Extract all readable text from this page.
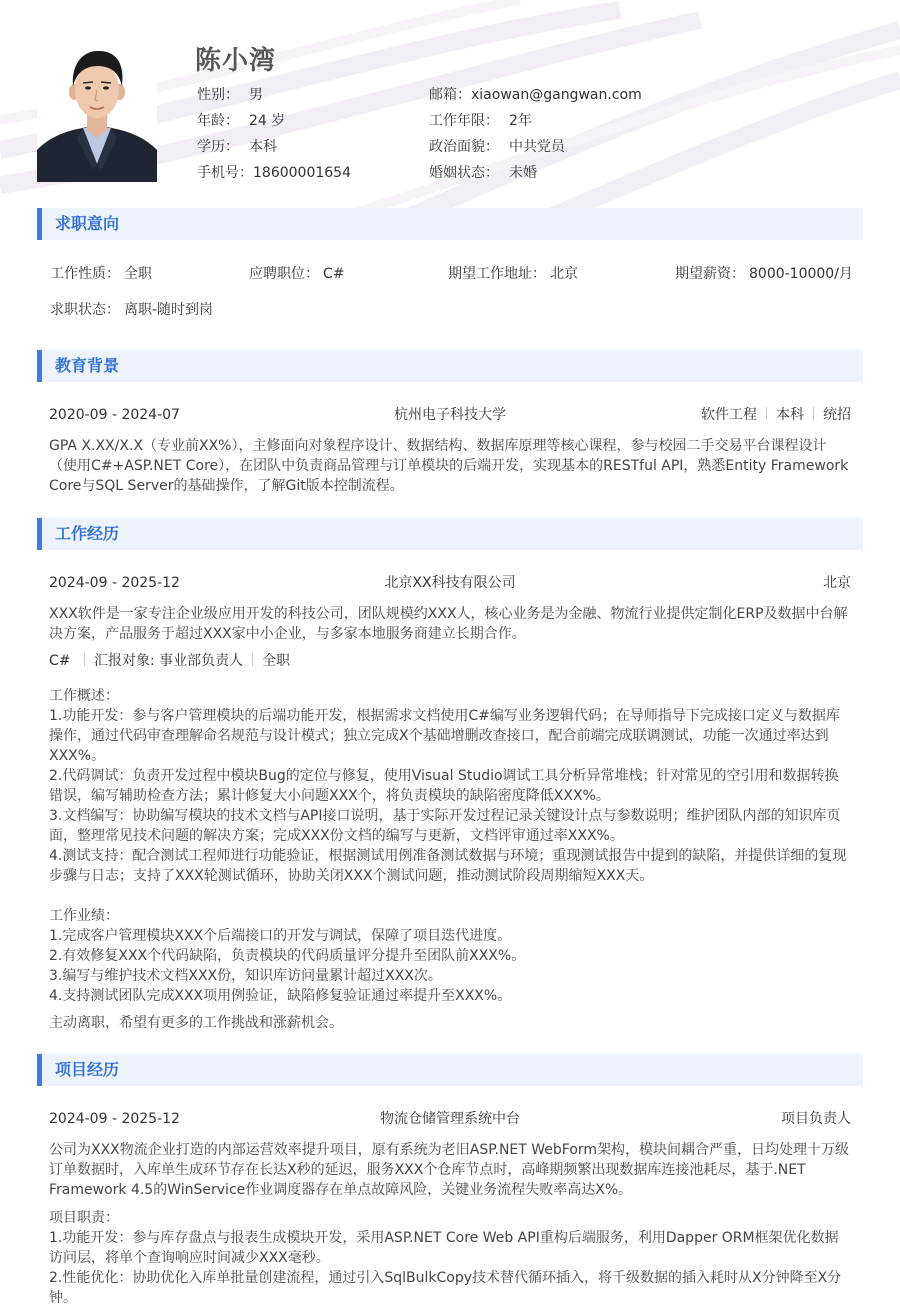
陈小湾
性别： 男
年龄： 24 岁
学历： 本科
手机号：18600001654
邮箱：xiaowan@gangwan.com
工作年限： 2年
政治面貌： 中共党员
婚姻状态： 未婚
求职意向
工作性质： 全职	应聘职位： C#	期望工作地址： 北京	期望薪资： 8000-10000/月
求职状态： 离职-随时到岗
教育背景
2020-09 - 2024-07	杭州电子科技大学	软件工程 本科 统招
GPA X.XX/X.X（专业前XX%），主修面向对象程序设计、数据结构、数据库原理等核心课程，参与校园二手交易平台课程设计（使用C#+ASP.NET Core），在团队中负责商品管理与订单模块的后端开发，实现基本的RESTful API，熟悉Entity Framework Core与SQL Server的基础操作，了解Git版本控制流程。
工作经历
2024-09 - 2025-12	北京XX科技有限公司	北京
XXX软件是一家专注企业级应用开发的科技公司，团队规模约XXX人，核心业务是为金融、物流行业提供定制化ERP及数据中台解决方案，产品服务于超过XXX家中小企业，与多家本地服务商建立长期合作。
C# 汇报对象: 事业部负责人 全职
工作概述：
1.功能开发：参与客户管理模块的后端功能开发，根据需求文档使用C#编写业务逻辑代码；在导师指导下完成接口定义与数据库操作，通过代码审查理解命名规范与设计模式；独立完成X个基础增删改查接口，配合前端完成联调测试，功能一次通过率达到XXX%。
2.代码调试：负责开发过程中模块Bug的定位与修复，使用Visual Studio调试工具分析异常堆栈；针对常见的空引用和数据转换错误，编写辅助检查方法；累计修复大小问题XXX个，将负责模块的缺陷密度降低XXX%。
3.文档编写：协助编写模块的技术文档与API接口说明，基于实际开发过程记录关键设计点与参数说明；维护团队内部的知识库页面，整理常见技术问题的解决方案；完成XXX份文档的编写与更新，文档评审通过率XXX%。
4.测试支持：配合测试工程师进行功能验证，根据测试用例准备测试数据与环境；重现测试报告中提到的缺陷，并提供详细的复现步骤与日志；支持了XXX轮测试循环，协助关闭XXX个测试问题，推动测试阶段周期缩短XXX天。
工作业绩：
1.完成客户管理模块XXX个后端接口的开发与调试，保障了项目迭代进度。
2.有效修复XXX个代码缺陷，负责模块的代码质量评分提升至团队前XXX%。
3.编写与维护技术文档XXX份，知识库访问量累计超过XXX次。
4.支持测试团队完成XXX项用例验证，缺陷修复验证通过率提升至XXX%。
主动离职，希望有更多的工作挑战和涨薪机会。
项目经历
2024-09 - 2025-12	物流仓储管理系统中台	项目负责人
公司为XXX物流企业打造的内部运营效率提升项目，原有系统为老旧ASP.NET WebForm架构，模块间耦合严重，日均处理十万级订单数据时，入库单生成环节存在长达X秒的延迟，服务XXX个仓库节点时，高峰期频繁出现数据库连接池耗尽，基于.NET Framework 4.5的WinService作业调度器存在单点故障风险，关键业务流程失败率高达X%。
项目职责：
1.功能开发：参与库存盘点与报表生成模块开发，采用ASP.NET Core Web API重构后端服务，利用Dapper ORM框架优化数据访问层，将单个查询响应时间减少XXX毫秒。
2.性能优化：协助优化入库单批量创建流程，通过引入SqlBulkCopy技术替代循环插入，将千级数据的插入耗时从X分钟降至X分钟。
